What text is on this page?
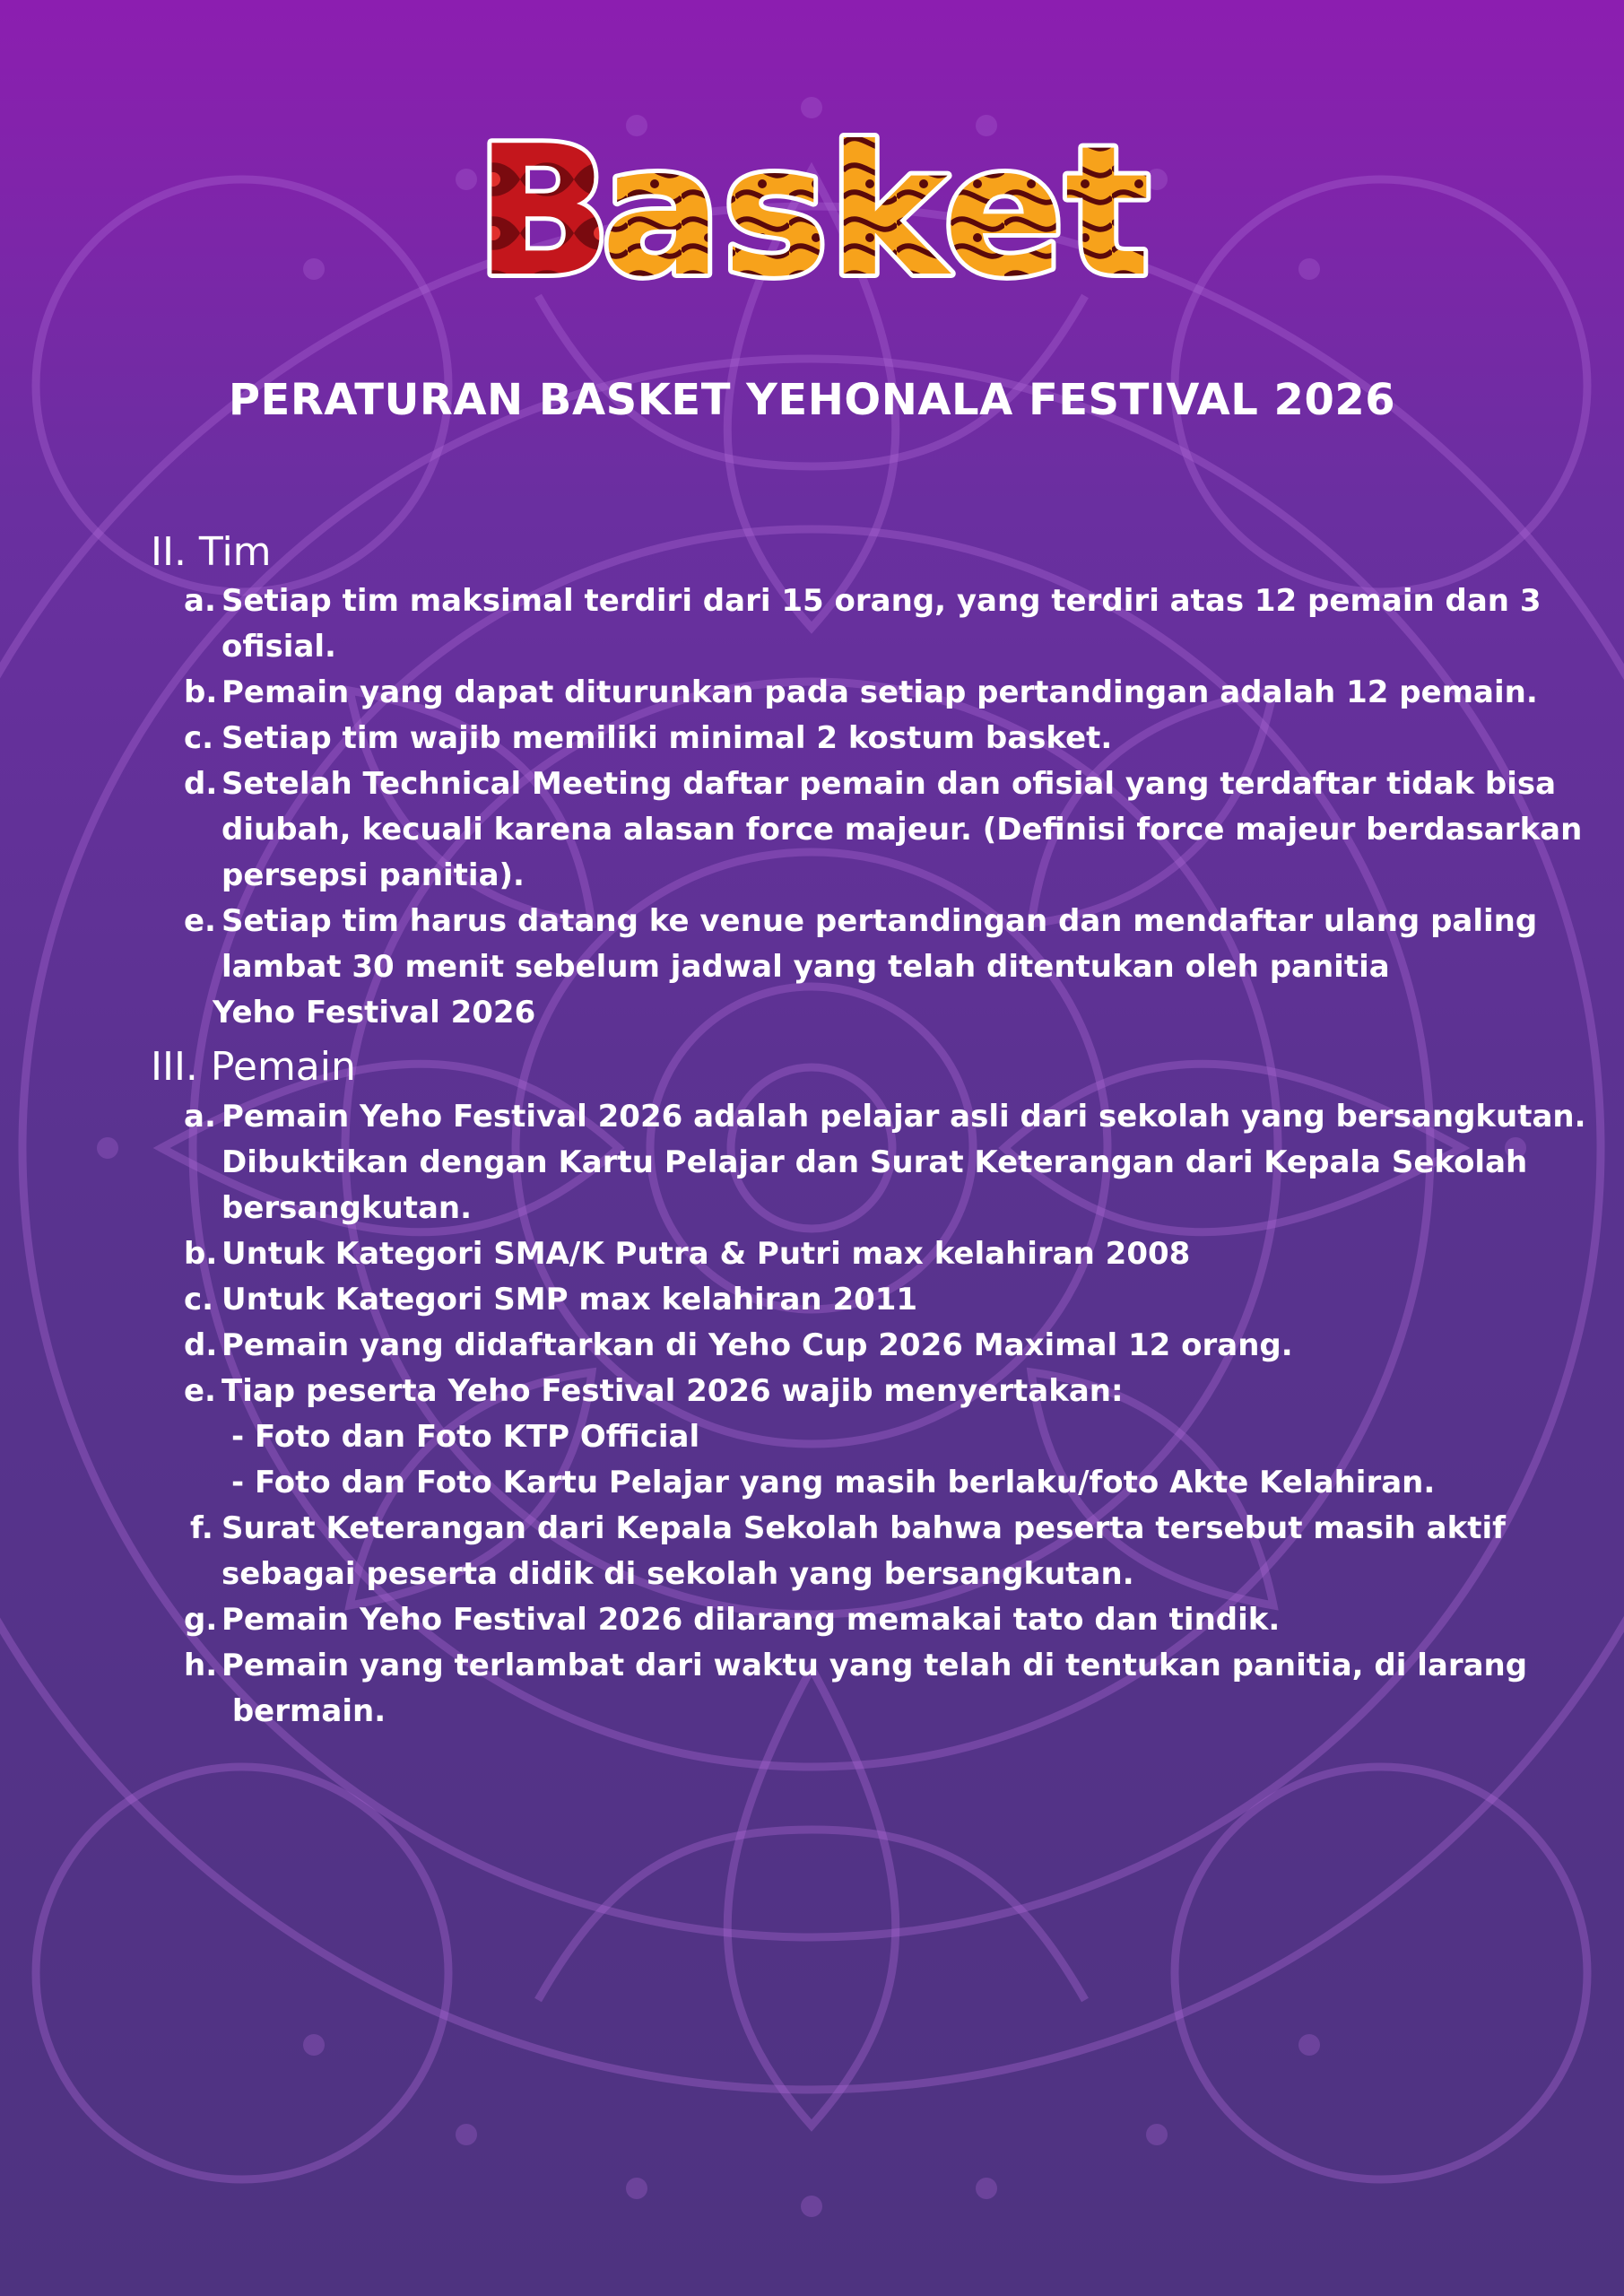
B
asket
PERATURAN BASKET YEHONALA FESTIVAL 2026
II. Tim
a. Setiap tim maksimal terdiri dari 15 orang, yang terdiri atas 12 pemain dan 3
ofisial.
b. Pemain yang dapat diturunkan pada setiap pertandingan adalah 12 pemain.
c. Setiap tim wajib memiliki minimal 2 kostum basket.
d. Setelah Technical Meeting daftar pemain dan ofisial yang terdaftar tidak bisa
diubah, kecuali karena alasan force majeur. (Definisi force majeur berdasarkan
persepsi panitia).
e. Setiap tim harus datang ke venue pertandingan dan mendaftar ulang paling
lambat 30 menit sebelum jadwal yang telah ditentukan oleh panitia

Yeho Festival 2026

III. Pemain
a. Pemain Yeho Festival 2026 adalah pelajar asli dari sekolah yang bersangkutan.
Dibuktikan dengan Kartu Pelajar dan Surat Keterangan dari Kepala Sekolah
bersangkutan.
b. Untuk Kategori SMA/K Putra & Putri max kelahiran 2008
c. Untuk Kategori SMP max kelahiran 2011
d. Pemain yang didaftarkan di Yeho Cup 2026 Maximal 12 orang.
e. Tiap peserta Yeho Festival 2026 wajib menyertakan:

- Foto dan Foto KTP Official

- Foto dan Foto Kartu Pelajar yang masih berlaku/foto Akte Kelahiran.

f. Surat Keterangan dari Kepala Sekolah bahwa peserta tersebut masih aktif
sebagai peserta didik di sekolah yang bersangkutan.
g. Pemain Yeho Festival 2026 dilarang memakai tato dan tindik.
h. Pemain yang terlambat dari waktu yang telah di tentukan panitia, di larang
bermain.
